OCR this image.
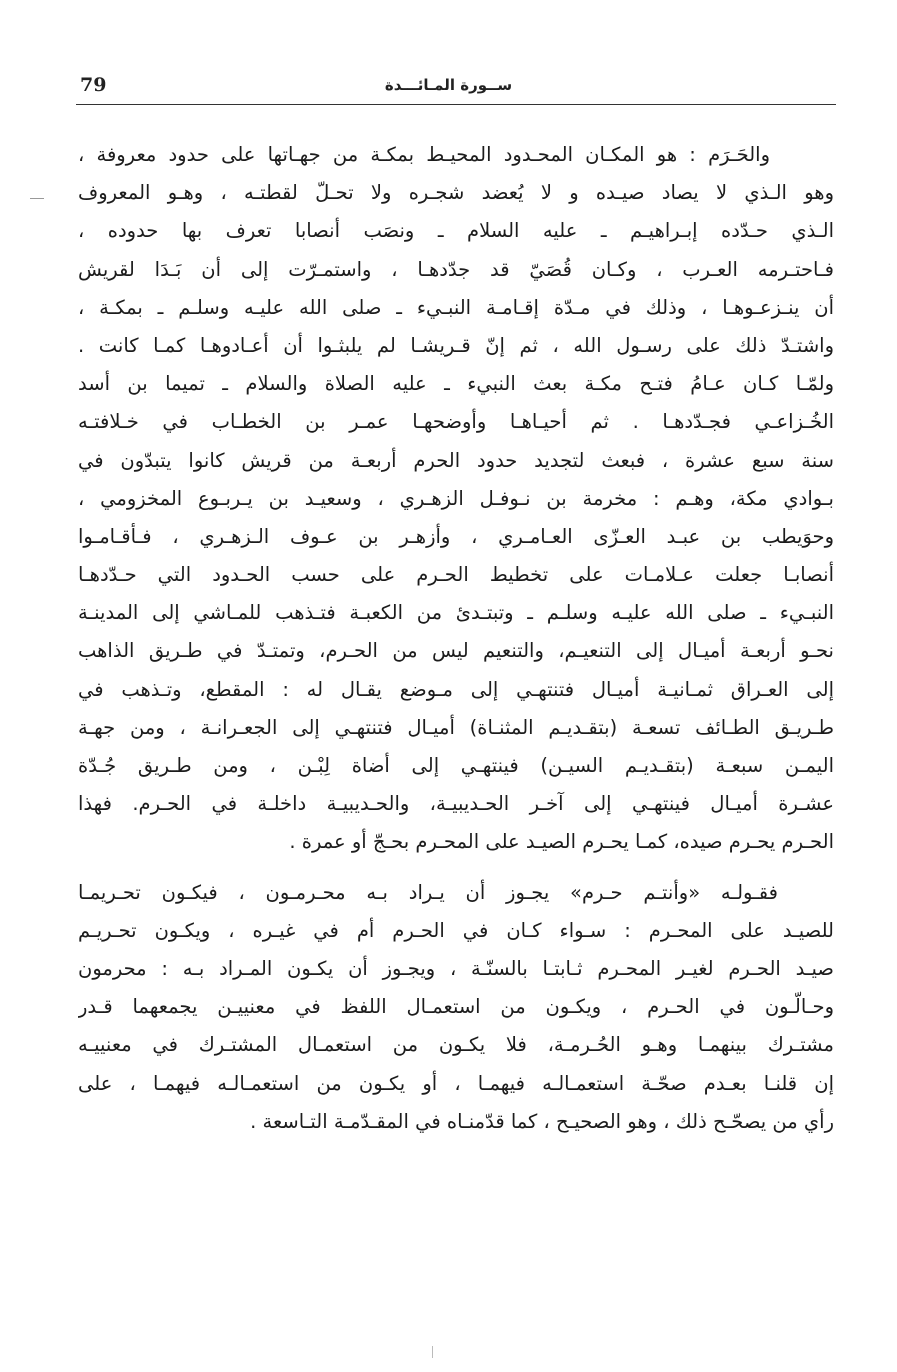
79	ســورة المـائـــدة
والحَـرَم : هو المكـان المحـدود المحيـط بمكـة من جهـاتها على حدود معروفة ،
وهو الـذي لا يصاد صيـده و لا يُعضد شجـره ولا تحـلّ لقطتـه ، وهـو المعروف
الـذي حـدّده إبـراهيـم ـ عليه السلام ـ ونصَب أنصابا تعرف بها حدوده ،
فـاحتـرمه العـرب ، وكـان قُصَيّ قد جدّدهـا ، واستمـرّت إلى أن بَـدَا لقريش
أن ينـزعـوهـا ، وذلك في مـدّة إقـامـة النبـيء ـ صلى الله عليـه وسلـم ـ بمكـة ،
واشتـدّ ذلك على رسـول الله ، ثم إنّ قـريشـا لم يلبثـوا أن أعـادوهـا كمـا كانت .
ولمّـا كـان عـامُ فتـح مكـة بعث النبيء ـ عليه الصلاة والسلام ـ تميما بن أسد
الخُـزاعـي فجـدّدهـا . ثم أحيـاهـا وأوضحهـا عمـر بن الخطـاب في خـلافتـه
سنة سبع عشرة ، فبعث لتجديد حدود الحرم أربعـة من قريش كانوا يتبدّون في
بـوادي مكة، وهـم : مخرمة بن نـوفـل الزهـري ، وسعيـد بن يـربـوع المخزومي ،
وحوَيطب بن عبـد العـزّى العـامـري ، وأزهـر بن عـوف الـزهـري ، فـأقـامـوا
أنصابـا جعلت عـلامـات على تخطيط الحـرم على حسب الحـدود التي حـدّدهـا
النبـيء ـ صلى الله عليـه وسلـم ـ وتبتـدئ من الكعبـة فتـذهب للمـاشي إلى المدينـة
نحـو أربعـة أميـال إلى التنعيـم، والتنعيم ليس من الحـرم، وتمتـدّ في طـريق الذاهب
إلى العـراق ثمـانيـة أميـال فتنتهـي إلى مـوضع يقـال له : المقطع، وتـذهب في
طـريـق الطـائف تسعـة (بتقـديـم المثنـاة) أميـال فتنتهـي إلى الجعـرانـة ، ومن جهـة
اليمـن سبعـة (بتقـديـم السيـن) فينتهـي إلى أضاة لِبْـن ، ومن طـريق جُـدّة
عشـرة أميـال فينتهـي إلى آخـر الحـديبيـة، والحـديبيـة داخلـة في الحـرم. فهذا
الحـرم يحـرم صيده، كمـا يحـرم الصيـد على المحـرم بحـجّ أو عمرة .
فقـولـه «وأنتـم حـرم» يجـوز أن يـراد بـه محـرمـون ، فيكـون تحـريمـا
للصيـد على المحـرم : سـواء كـان في الحـرم أم في غيـره ، ويكـون تحـريـم
صيـد الحـرم لغيـر المحـرم ثـابتـا بالسنّـة ، ويجـوز أن يكـون المـراد بـه : محرمون
وحـالّـون في الحـرم ، ويكـون من استعمـال اللفظ في معنييـن يجمعهما قـدر
مشتـرك بينهمـا وهـو الحُـرمـة، فلا يكـون من استعمـال المشتـرك في معنييـه
إن قلنـا بعـدم صحّـة استعمـالـه فيهمـا ، أو يكـون من استعمـالـه فيهمـا ، على
رأي من يصحّـح ذلك ، وهو الصحيـح ، كما قدّمنـاه في المقـدّمـة التـاسعة .
